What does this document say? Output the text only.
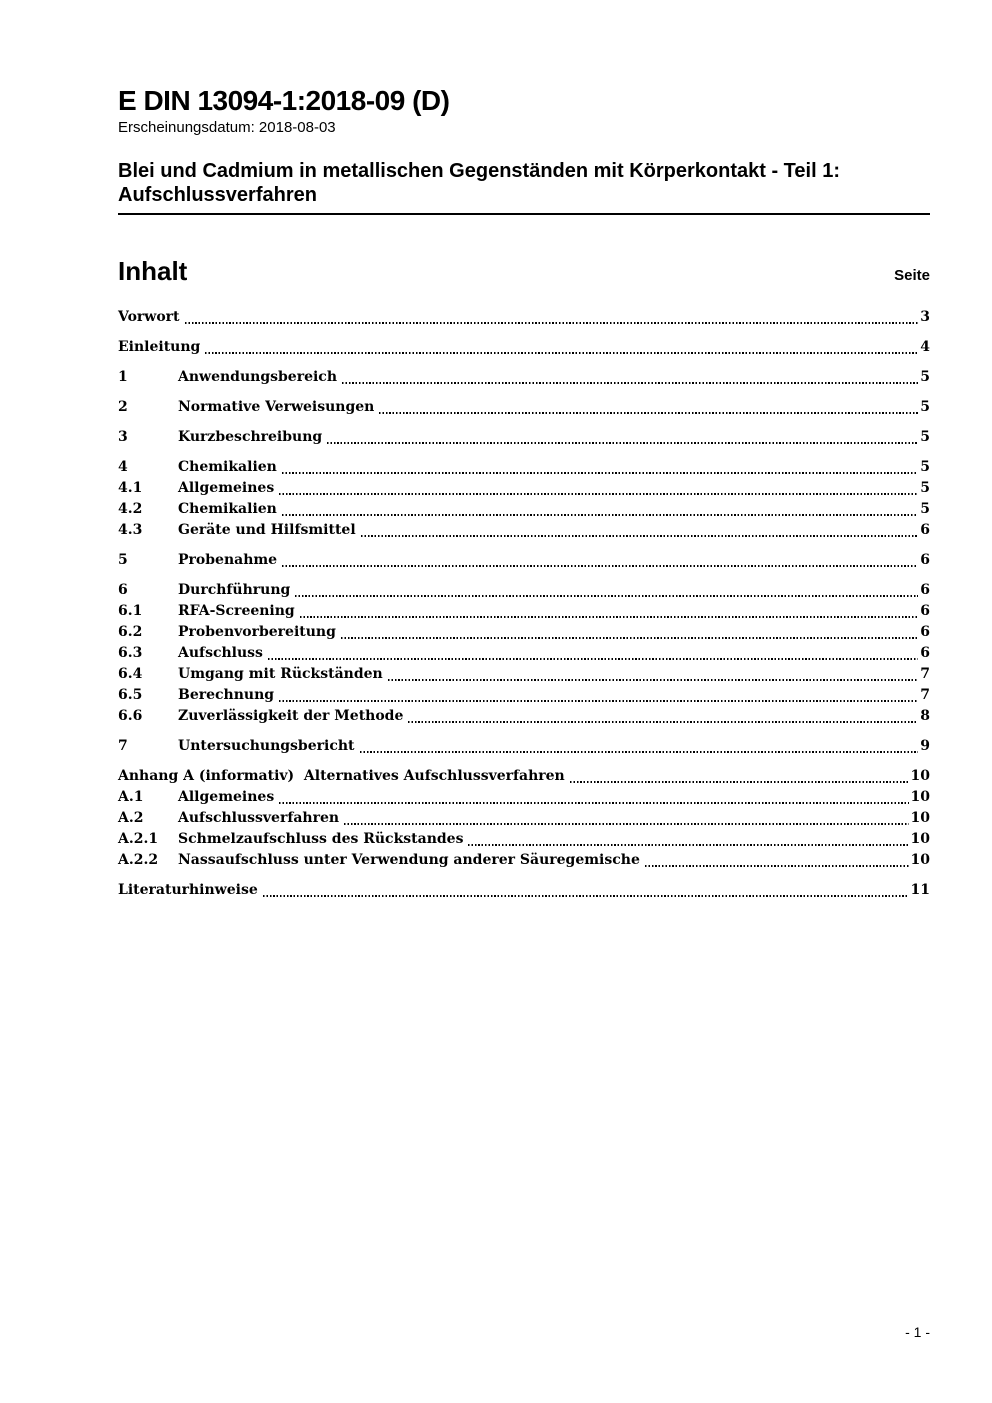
E DIN 13094-1:2018-09 (D)
Erscheinungsdatum: 2018-08-03
Blei und Cadmium in metallischen Gegenständen mit Körperkontakt - Teil 1:
Aufschlussverfahren
Inhalt	Seite
Vorwort	3
Einleitung	4
1	Anwendungsbereich	5
2	Normative Verweisungen	5
3	Kurzbeschreibung	5
4	Chemikalien	5
4.1	Allgemeines	5
4.2	Chemikalien	5
4.3	Geräte und Hilfsmittel	6
5	Probenahme	6
6	Durchführung	6
6.1	RFA-Screening	6
6.2	Probenvorbereitung	6
6.3	Aufschluss	6
6.4	Umgang mit Rückständen	7
6.5	Berechnung	7
6.6	Zuverlässigkeit der Methode	8
7	Untersuchungsbericht	9
Anhang A (informativ)  Alternatives Aufschlussverfahren	10
A.1	Allgemeines	10
A.2	Aufschlussverfahren	10
A.2.1	Schmelzaufschluss des Rückstandes	10
A.2.2	Nassaufschluss unter Verwendung anderer Säuregemische	10
Literaturhinweise	11
- 1 -
